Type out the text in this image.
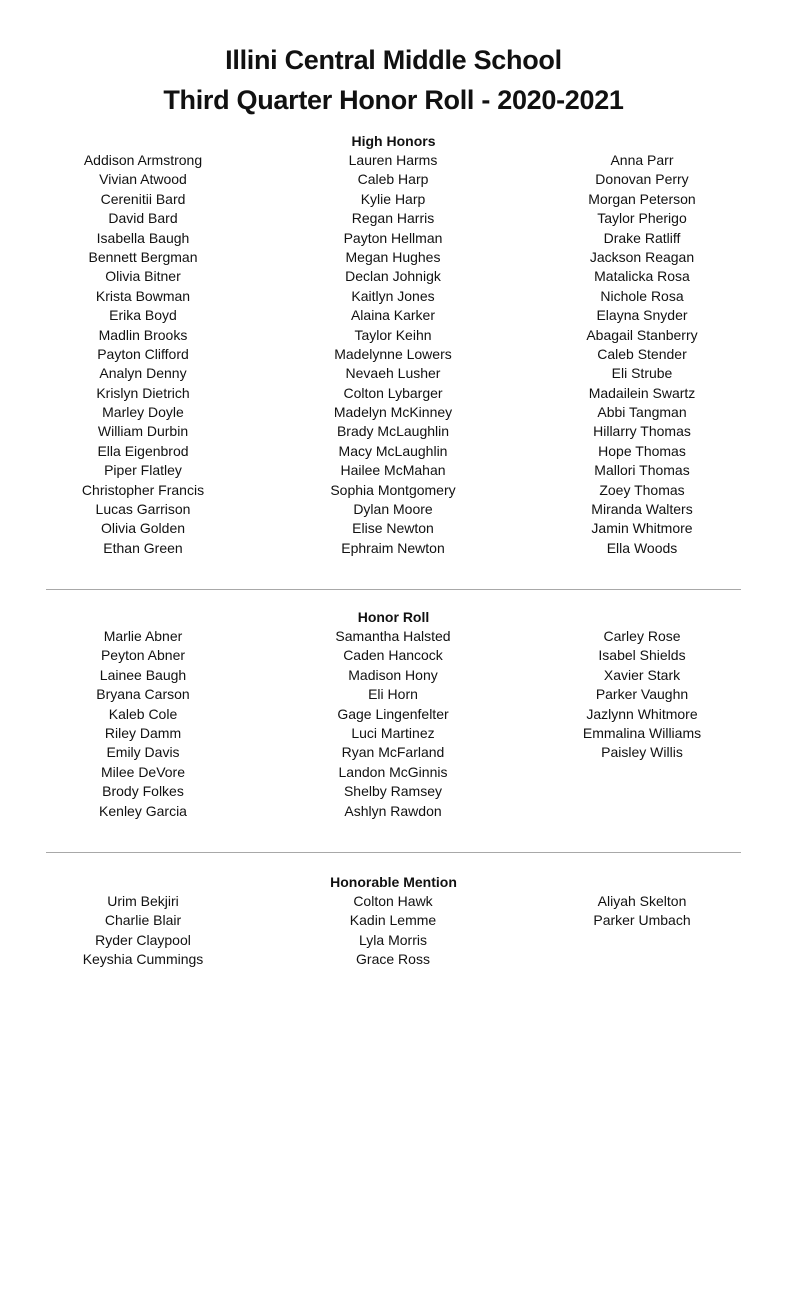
Illini Central Middle School
Third Quarter Honor Roll - 2020-2021
High Honors
Addison Armstrong
Vivian Atwood
Cerenitii Bard
David Bard
Isabella Baugh
Bennett Bergman
Olivia Bitner
Krista Bowman
Erika Boyd
Madlin Brooks
Payton Clifford
Analyn Denny
Krislyn Dietrich
Marley Doyle
William Durbin
Ella Eigenbrod
Piper Flatley
Christopher Francis
Lucas Garrison
Olivia Golden
Ethan Green
Lauren Harms
Caleb Harp
Kylie Harp
Regan Harris
Payton Hellman
Megan Hughes
Declan Johnigk
Kaitlyn Jones
Alaina Karker
Taylor Keihn
Madelynne Lowers
Nevaeh Lusher
Colton Lybarger
Madelyn McKinney
Brady McLaughlin
Macy McLaughlin
Hailee McMahan
Sophia Montgomery
Dylan Moore
Elise Newton
Ephraim Newton
Anna Parr
Donovan Perry
Morgan Peterson
Taylor Pherigo
Drake Ratliff
Jackson Reagan
Matalicka Rosa
Nichole Rosa
Elayna Snyder
Abagail Stanberry
Caleb Stender
Eli Strube
Madailein Swartz
Abbi Tangman
Hillarry Thomas
Hope Thomas
Mallori Thomas
Zoey Thomas
Miranda Walters
Jamin Whitmore
Ella Woods
Honor Roll
Marlie Abner
Peyton Abner
Lainee Baugh
Bryana Carson
Kaleb Cole
Riley Damm
Emily Davis
Milee DeVore
Brody Folkes
Kenley Garcia
Samantha Halsted
Caden Hancock
Madison Hony
Eli Horn
Gage Lingenfelter
Luci Martinez
Ryan McFarland
Landon McGinnis
Shelby Ramsey
Ashlyn Rawdon
Carley Rose
Isabel Shields
Xavier Stark
Parker Vaughn
Jazlynn Whitmore
Emmalina Williams
Paisley Willis
Honorable Mention
Urim Bekjiri
Charlie Blair
Ryder Claypool
Keyshia Cummings
Colton Hawk
Kadin Lemme
Lyla Morris
Grace Ross
Aliyah Skelton
Parker Umbach
